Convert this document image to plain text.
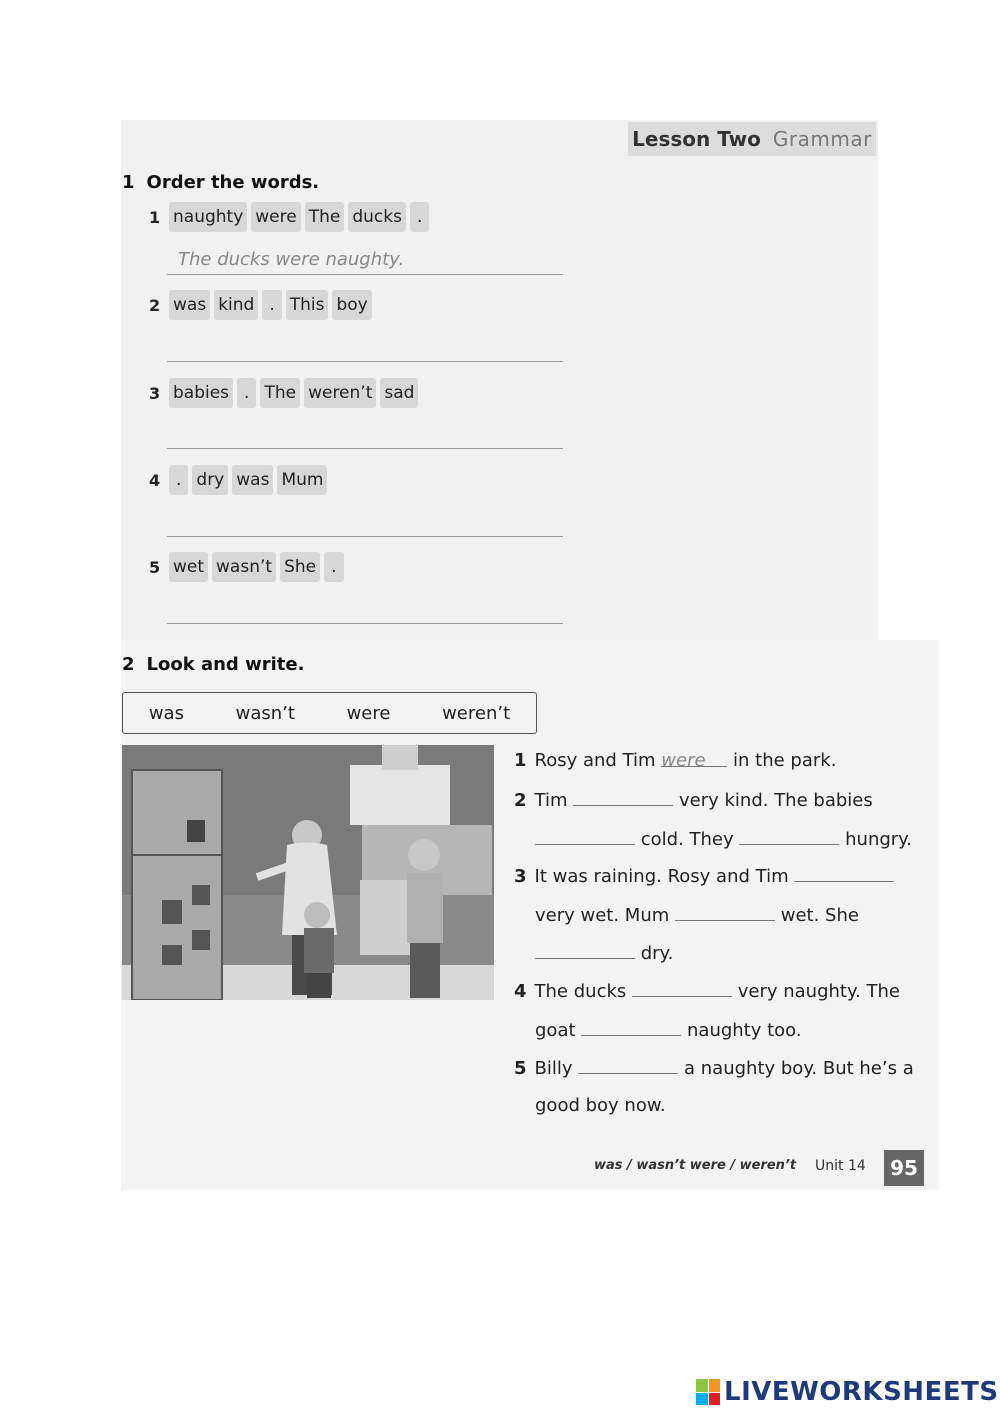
Lesson Two Grammar
1 Order the words.
1 naughty were The ducks .
The ducks were naughty.
2 was kind . This boy
3 babies . The weren’t sad
4 . dry was Mum
5 wet wasn’t She .
2 Look and write.
was	wasn’t	were	weren’t
1 Rosy and Tim were in the park.
2 Tim	very kind. The babies
cold. They	hungry.
3 It was raining. Rosy and Tim
very wet. Mum	wet. She
dry.
4 The ducks	very naughty. The
goat	naughty too.
5 Billy	a naughty boy. But he’s a
good boy now.
was / wasn’t were / weren’t Unit 14	95
LIVEWORKSHEETS
